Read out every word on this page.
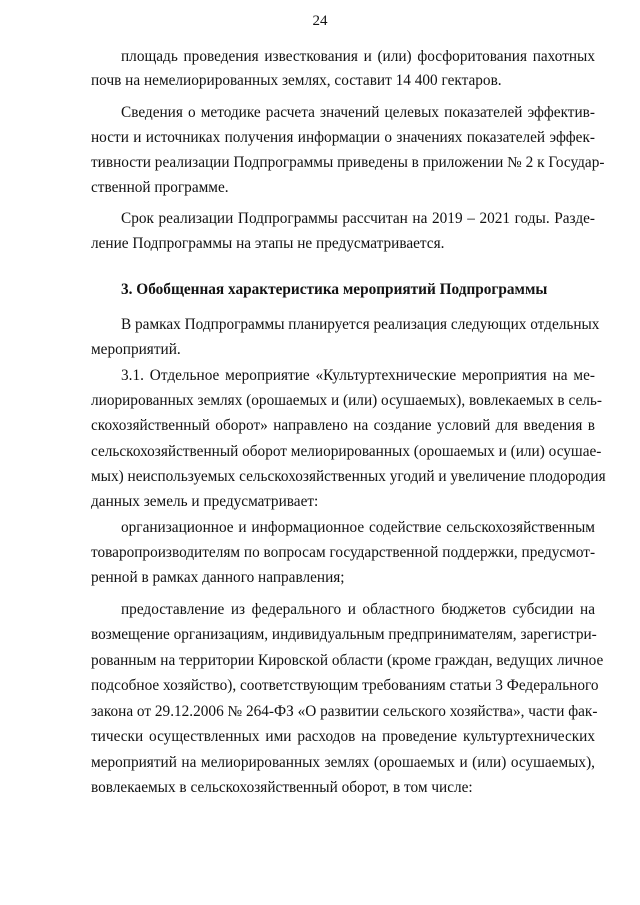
24
площадь проведения известкования и (или) фосфоритования пахотных
почв на немелиорированных землях, составит 14 400 гектаров.
Сведения о методике расчета значений целевых показателей эффектив-
ности и источниках получения информации о значениях показателей эффек-
тивности реализации Подпрограммы приведены в приложении № 2 к Государ-
ственной программе.
Срок реализации Подпрограммы рассчитан на 2019 – 2021 годы. Разде-
ление Подпрограммы на этапы не предусматривается.
3. Обобщенная характеристика мероприятий Подпрограммы
В рамках Подпрограммы планируется реализация следующих отдельных
мероприятий.
3.1. Отдельное мероприятие «Культуртехнические мероприятия на ме-
лиорированных землях (орошаемых и (или) осушаемых), вовлекаемых в сель-
скохозяйственный оборот» направлено на создание условий для введения в
сельскохозяйственный оборот мелиорированных (орошаемых и (или) осушае-
мых) неиспользуемых сельскохозяйственных угодий и увеличение плодородия
данных земель и предусматривает:
организационное и информационное содействие сельскохозяйственным
товаропроизводителям по вопросам государственной поддержки, предусмот-
ренной в рамках данного направления;
предоставление из федерального и областного бюджетов субсидии на
возмещение организациям, индивидуальным предпринимателям, зарегистри-
рованным на территории Кировской области (кроме граждан, ведущих личное
подсобное хозяйство), соответствующим требованиям статьи 3 Федерального
закона от 29.12.2006 № 264-ФЗ «О развитии сельского хозяйства», части фак-
тически осуществленных ими расходов на проведение культуртехнических
мероприятий на мелиорированных землях (орошаемых и (или) осушаемых),
вовлекаемых в сельскохозяйственный оборот, в том числе:
